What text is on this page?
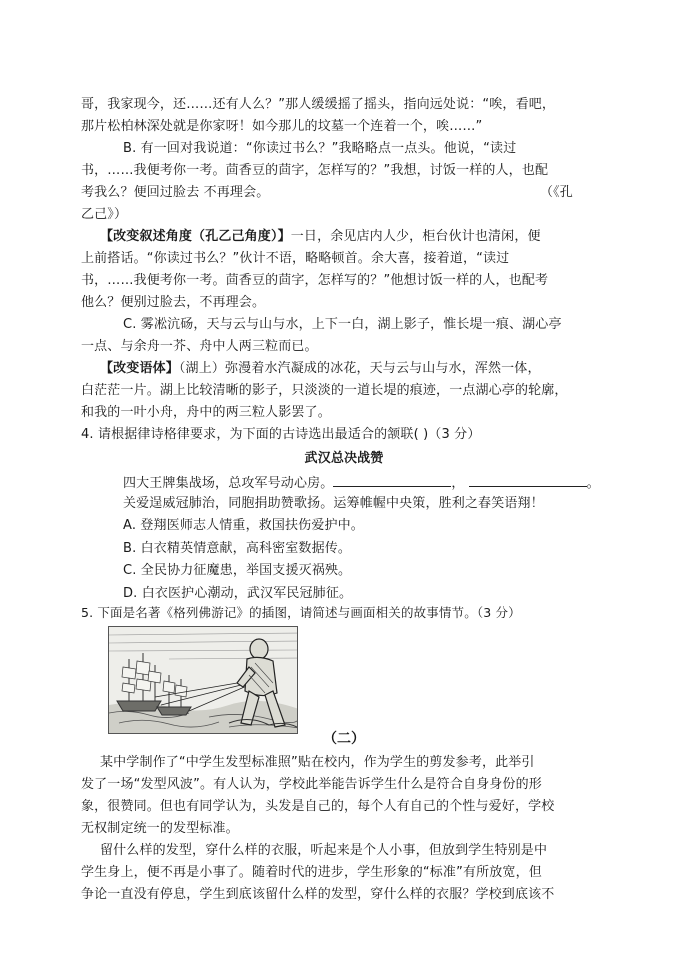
哥，我家现今，还……还有人么？”那人缓缓摇了摇头，指向远处说：“唉，看吧，
那片松柏林深处就是你家呀！如今那儿的坟墓一个连着一个，唉……”
B. 有一回对我说道：“你读过书么？”我略略点一点头。他说，“读过
书，……我便考你一考。茴香豆的茴字，怎样写的？”我想，讨饭一样的人，也配
考我么？便回过脸去 不再理会。	（《孔
乙己》）
【改变叙述角度（孔乙己角度）】一日，余见店内人少，柜台伙计也清闲，便
上前搭话。“你读过书么？”伙计不语，略略顿首。余大喜，接着道，“读过
书，……我便考你一考。茴香豆的茴字，怎样写的？”他想讨饭一样的人，也配考
他么？便别过脸去，不再理会。
C. 雾凇沆砀，天与云与山与水，上下一白，湖上影子，惟长堤一痕、湖心亭
一点、与余舟一芥、舟中人两三粒而已。
【改变语体】（湖上）弥漫着水汽凝成的冰花，天与云与山与水，浑然一体，
白茫茫一片。湖上比较清晰的影子，只淡淡的一道长堤的痕迹，一点湖心亭的轮廓，
和我的一叶小舟，舟中的两三粒人影罢了。
4. 请根据律诗格律要求，为下面的古诗选出最适合的颔联( )（3 分）
武汉总决战赞
四大王牌集战场，总攻军号动心房。	，	。
关爱逞威冠肺治，同胞捐助赞歌扬。运筹帷幄中央策，胜利之春笑语翔！
A. 登翔医师志人情重，救国扶伤爱护中。
B. 白衣精英情意献，高科密室数据传。
C. 全民协力征魔患，举国支援灭祸殃。
D. 白衣医护心潮动，武汉军民冠肺征。
5. 下面是名著《格列佛游记》的插图，请简述与画面相关的故事情节。（3 分）
（二）
某中学制作了“中学生发型标准照”贴在校内，作为学生的剪发参考，此举引
发了一场“发型风波”。有人认为，学校此举能告诉学生什么是符合自身身份的形
象，很赞同。但也有同学认为，头发是自己的，每个人有自己的个性与爱好，学校
无权制定统一的发型标准。
留什么样的发型，穿什么样的衣服，听起来是个人小事，但放到学生特别是中
学生身上，便不再是小事了。随着时代的进步，学生形象的“标准”有所放宽，但
争论一直没有停息，学生到底该留什么样的发型，穿什么样的衣服？学校到底该不
